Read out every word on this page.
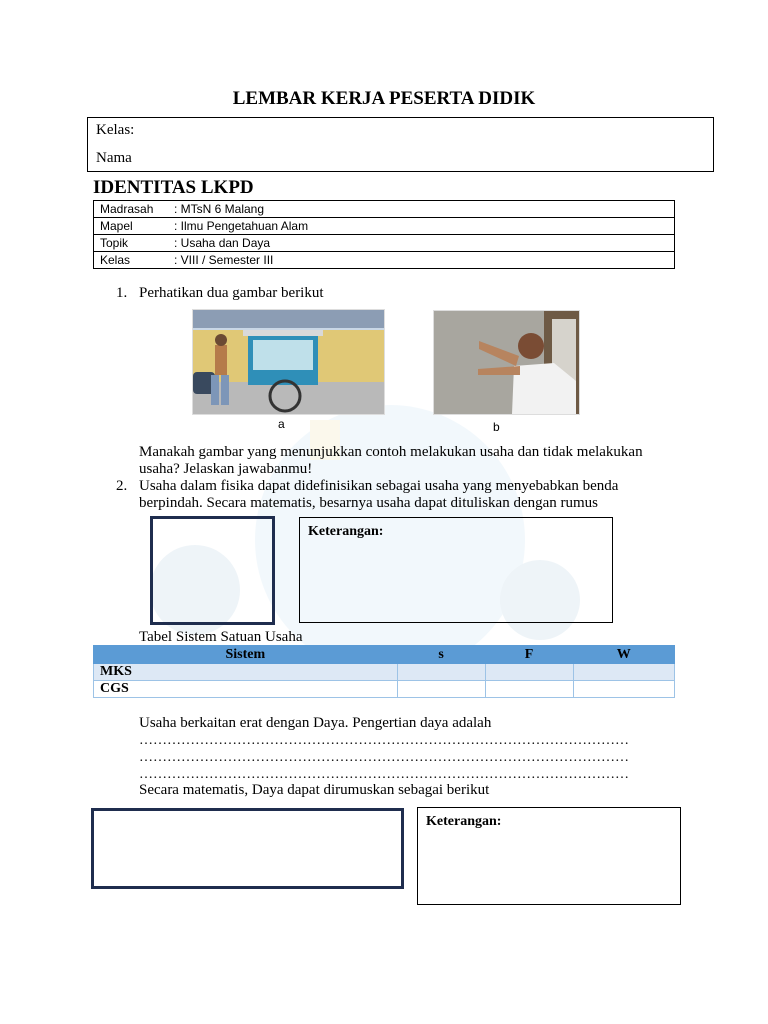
LEMBAR KERJA PESERTA DIDIK
Kelas:
Nama
IDENTITAS LKPD
Madrasah : MTsN 6 Malang
Mapel	: Ilmu Pengetahuan Alam
Topik	: Usaha dan Daya
Kelas	: VIII / Semester III
1. Perhatikan dua gambar berikut
a	b
Manakah gambar yang menunjukkan contoh melakukan usaha dan tidak melakukan
usaha? Jelaskan jawabanmu!
2. Usaha dalam fisika dapat didefinisikan sebagai usaha yang menyebabkan benda
berpindah. Secara matematis, besarnya usaha dapat dituliskan dengan rumus
Keterangan:
Tabel Sistem Satuan Usaha
Sistem	s	F	W
MKS			
CGS			
Usaha berkaitan erat dengan Daya. Pengertian daya adalah
……………………………………………………………………………………………
……………………………………………………………………………………………
……………………………………………………………………………………………
Secara matematis, Daya dapat dirumuskan sebagai berikut
Keterangan:
